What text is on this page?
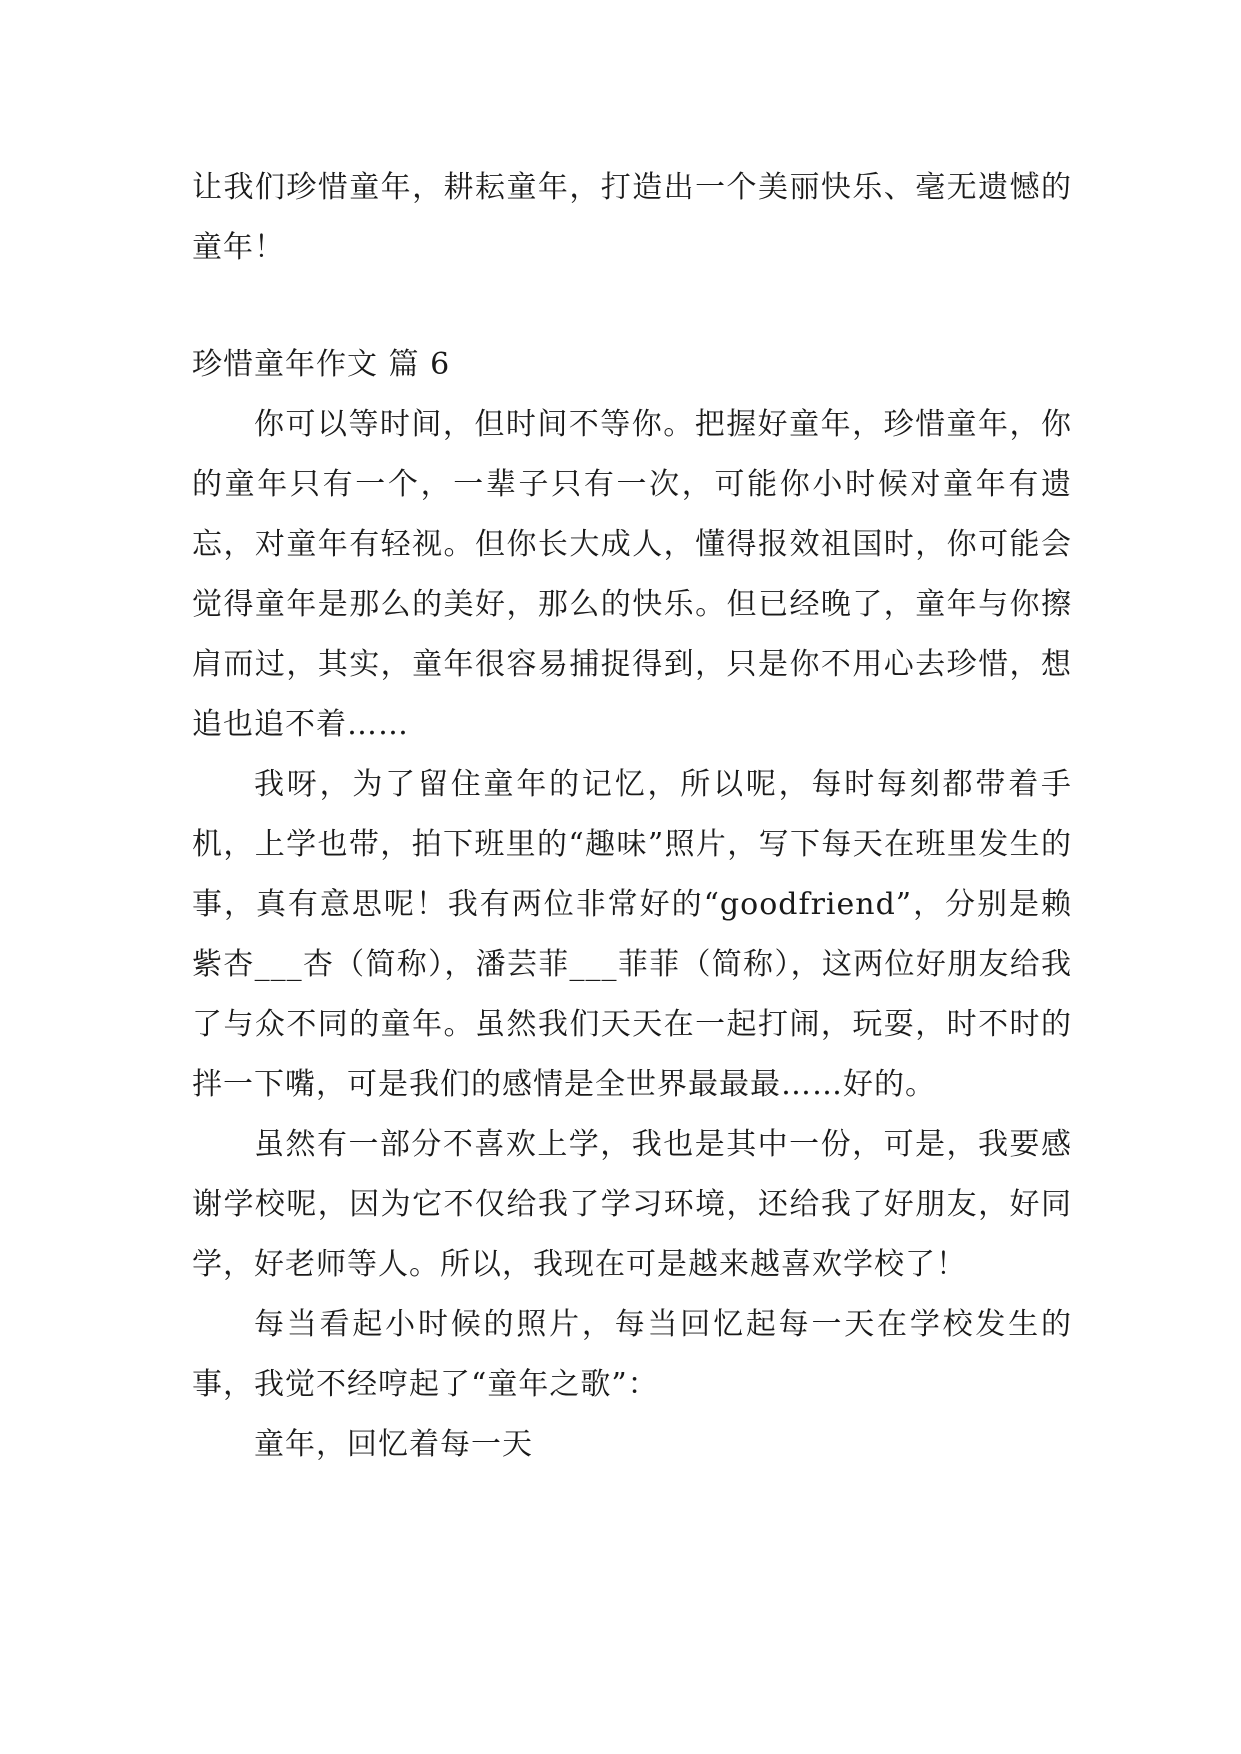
让我们珍惜童年，耕耘童年，打造出一个美丽快乐、毫无遗憾的童年！

珍惜童年作文 篇 6

你可以等时间，但时间不等你。把握好童年，珍惜童年，你的童年只有一个，一辈子只有一次，可能你小时候对童年有遗忘，对童年有轻视。但你长大成人，懂得报效祖国时，你可能会觉得童年是那么的美好，那么的快乐。但已经晚了，童年与你擦肩而过，其实，童年很容易捕捉得到，只是你不用心去珍惜，想追也追不着……

我呀，为了留住童年的记忆，所以呢，每时每刻都带着手机，上学也带，拍下班里的“趣味”照片，写下每天在班里发生的事，真有意思呢！我有两位非常好的“goodfriend”，分别是赖紫杏___杏（简称），潘芸菲___菲菲（简称），这两位好朋友给我了与众不同的童年。虽然我们天天在一起打闹，玩耍，时不时的拌一下嘴，可是我们的感情是全世界最最最……好的。

虽然有一部分不喜欢上学，我也是其中一份，可是，我要感谢学校呢，因为它不仅给我了学习环境，还给我了好朋友，好同学，好老师等人。所以，我现在可是越来越喜欢学校了！

每当看起小时候的照片，每当回忆起每一天在学校发生的事，我觉不经哼起了“童年之歌”：

童年，回忆着每一天
